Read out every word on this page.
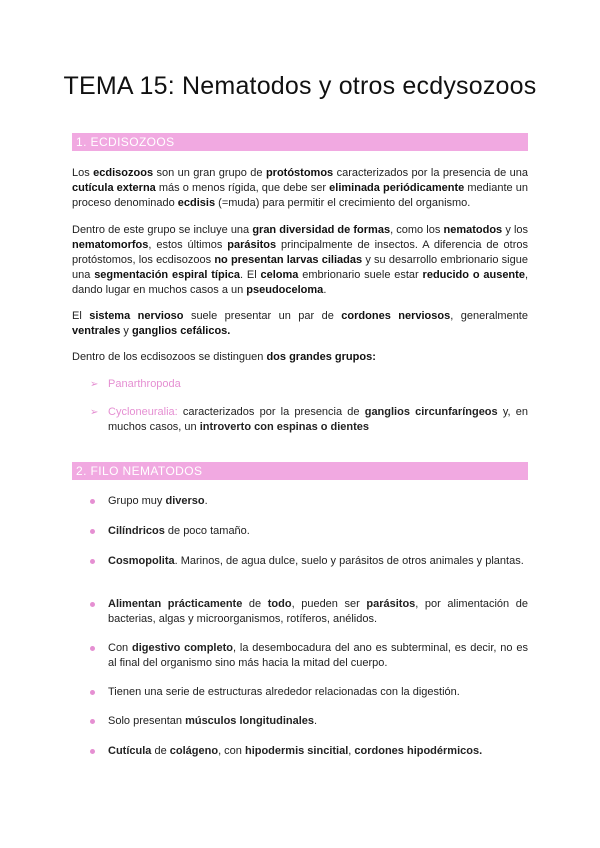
TEMA 15: Nematodos y otros ecdysozoos
1. ECDISOZOOS
Los ecdisozoos son un gran grupo de protóstomos caracterizados por la presencia de una cutícula externa más o menos rígida, que debe ser eliminada periódicamente mediante un proceso denominado ecdisis (=muda) para permitir el crecimiento del organismo.
Dentro de este grupo se incluye una gran diversidad de formas, como los nematodos y los nematomorfos, estos últimos parásitos principalmente de insectos. A diferencia de otros protóstomos, los ecdisozoos no presentan larvas ciliadas y su desarrollo embrionario sigue una segmentación espiral típica. El celoma embrionario suele estar reducido o ausente, dando lugar en muchos casos a un pseudoceloma.
El sistema nervioso suele presentar un par de cordones nerviosos, generalmente ventrales y ganglios cefálicos.
Dentro de los ecdisozoos se distinguen dos grandes grupos:
➢ Panarthropoda
➢ Cycloneuralia: caracterizados por la presencia de ganglios circunfaríngeos y, en muchos casos, un introverto con espinas o dientes
2. FILO NEMATODOS
Grupo muy diverso.
Cilíndricos de poco tamaño.
Cosmopolita. Marinos, de agua dulce, suelo y parásitos de otros animales y plantas.
Alimentan prácticamente de todo, pueden ser parásitos, por alimentación de bacterias, algas y microorganismos, rotíferos, anélidos.
Con digestivo completo, la desembocadura del ano es subterminal, es decir, no es al final del organismo sino más hacia la mitad del cuerpo.
Tienen una serie de estructuras alrededor relacionadas con la digestión.
Solo presentan músculos longitudinales.
Cutícula de colágeno, con hipodermis sincitial, cordones hipodérmicos.
